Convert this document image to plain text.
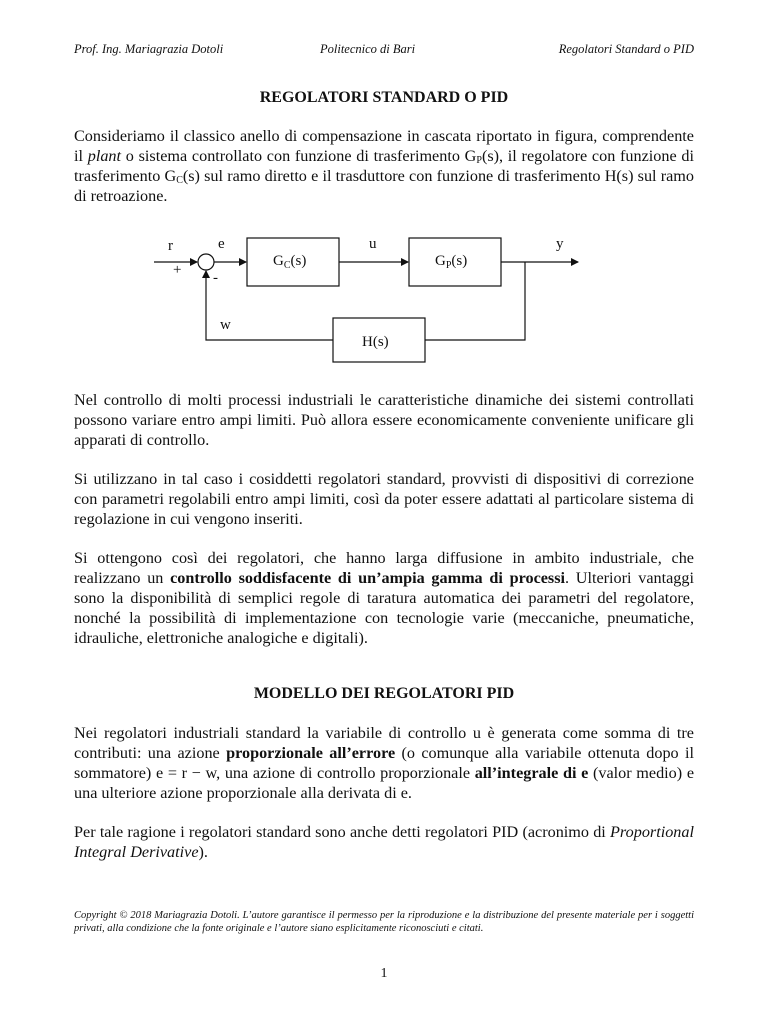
Prof. Ing. Mariagrazia Dotoli	Politecnico di Bari	Regolatori Standard o PID
REGOLATORI STANDARD O PID

Consideriamo il classico anello di compensazione in cascata riportato in figura, comprendente il plant o sistema controllato con funzione di trasferimento $G_P(s)$, il regolatore con funzione di trasferimento $G_C(s)$ sul ramo diretto e il trasduttore con funzione di trasferimento H(s) sul ramo di retroazione.

r	e	u	y
w
+ -
$G_C(s)$	$G_P(s)$
H(s)

Nel controllo di molti processi industriali le caratteristiche dinamiche dei sistemi controllati possono variare entro ampi limiti. Può allora essere economicamente conveniente unificare gli apparati di controllo.

Si utilizzano in tal caso i cosiddetti regolatori standard, provvisti di dispositivi di correzione con parametri regolabili entro ampi limiti, così da poter essere adattati al particolare sistema di regolazione in cui vengono inseriti.

Si ottengono così dei regolatori, che hanno larga diffusione in ambito industriale, che realizzano un controllo soddisfacente di un’ampia gamma di processi. Ulteriori vantaggi sono la disponibilità di semplici regole di taratura automatica dei parametri del regolatore, nonché la possibilità di implementazione con tecnologie varie (meccaniche, pneumatiche, idrauliche, elettroniche analogiche e digitali).

MODELLO DEI REGOLATORI PID

Nei regolatori industriali standard la variabile di controllo u è generata come somma di tre contributi: una azione proporzionale all’errore (o comunque alla variabile ottenuta dopo il sommatore) e = r − w, una azione di controllo proporzionale all’integrale di e (valor medio) e una ulteriore azione proporzionale alla derivata di e.

Per tale ragione i regolatori standard sono anche detti regolatori PID (acronimo di Proportional Integral Derivative).

Copyright © 2018 Mariagrazia Dotoli. L’autore garantisce il permesso per la riproduzione e la distribuzione del presente materiale per i soggetti privati, alla condizione che la fonte originale e l’autore siano esplicitamente riconosciuti e citati.

1
